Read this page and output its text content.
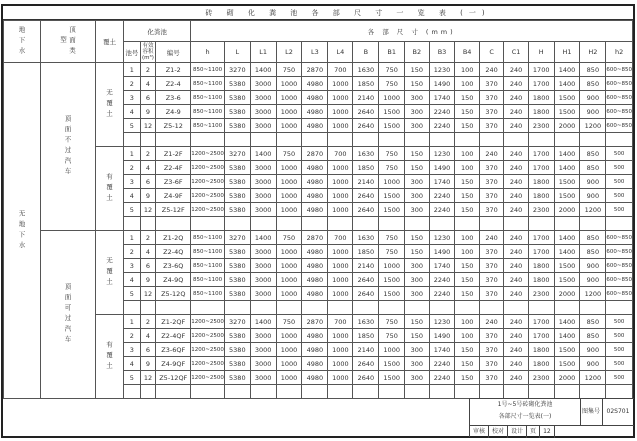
砖 砌 化 粪 池 各 部 尺 寸 一 览 表 (一)
地下水	顶面类型	覆土	化粪池			各 部 尺 寸 (mm)																
			池号	有效容积(m³)	编号	h	L	L1	L2	L3	L4	B	B1	B2	B3	B4	C	C1	H	H1	H2	h2
无地下水	顶面不过汽车	无覆土	1	2	Z1-2	850~1100	3270	1400	750	2870	700	1630	750	150	1230	100	240	240	1700	1400	850	600~850
			2	4	Z2-4	850~1100	5380	3000	1000	4980	1000	1850	750	150	1490	100	370	240	1700	1400	850	600~850
			3	6	Z3-6	850~1100	5380	3000	1000	4980	1000	2140	1000	300	1740	150	370	240	1800	1500	900	600~850
			4	9	Z4-9	850~1100	5380	3000	1000	4980	1000	2640	1500	300	2240	150	370	240	1800	1500	900	600~850
			5	12	Z5-12	850~1100	5380	3000	1000	4980	1000	2640	1500	300	2240	150	370	240	2300	2000	1200	600~850

		有覆土	1	2	Z1-2F	1200~2500	3270	1400	750	2870	700	1630	750	150	1230	100	240	240	1700	1400	850	500
			2	4	Z2-4F	1200~2500	5380	3000	1000	4980	1000	1850	750	150	1490	100	370	240	1700	1400	850	500
			3	6	Z3-6F	1200~2500	5380	3000	1000	4980	1000	2140	1000	300	1740	150	370	240	1800	1500	900	500
			4	9	Z4-9F	1200~2500	5380	3000	1000	4980	1000	2640	1500	300	2240	150	370	240	1800	1500	900	500
			5	12	Z5-12F	1200~2500	5380	3000	1000	4980	1000	2640	1500	300	2240	150	370	240	2300	2000	1200	500

	顶面可过汽车	无覆土	1	2	Z1-2Q	850~1100	3270	1400	750	2870	700	1630	750	150	1230	100	240	240	1700	1400	850	600~850
			2	4	Z2-4Q	850~1100	5380	3000	1000	4980	1000	1850	750	150	1490	100	370	240	1700	1400	850	600~850
			3	6	Z3-6Q	850~1100	5380	3000	1000	4980	1000	2140	1000	300	1740	150	370	240	1800	1500	900	600~850
			4	9	Z4-9Q	850~1100	5380	3000	1000	4980	1000	2640	1500	300	2240	150	370	240	1800	1500	900	600~850
			5	12	Z5-12Q	850~1100	5380	3000	1000	4980	1000	2640	1500	300	2240	150	370	240	2300	2000	1200	600~850

		有覆土	1	2	Z1-2QF	1200~2500	3270	1400	750	2870	700	1630	750	150	1230	100	240	240	1700	1400	850	500
			2	4	Z2-4QF	1200~2500	5380	3000	1000	4980	1000	1850	750	150	1490	100	370	240	1700	1400	850	500
			3	6	Z3-6QF	1200~2500	5380	3000	1000	4980	1000	2140	1000	300	1740	150	370	240	1800	1500	900	500
			4	9	Z4-9QF	1200~2500	5380	3000	1000	4980	1000	2640	1500	300	2240	150	370	240	1800	1500	900	500
			5	12	Z5-12QF	1200~2500	5380	3000	1000	4980	1000	2640	1500	300	2240	150	370	240	2300	2000	1200	500

1号~5号砖砌化粪池
各部尺寸一览表(一)
图集号	02S701
审核	校对	设计	页	12
